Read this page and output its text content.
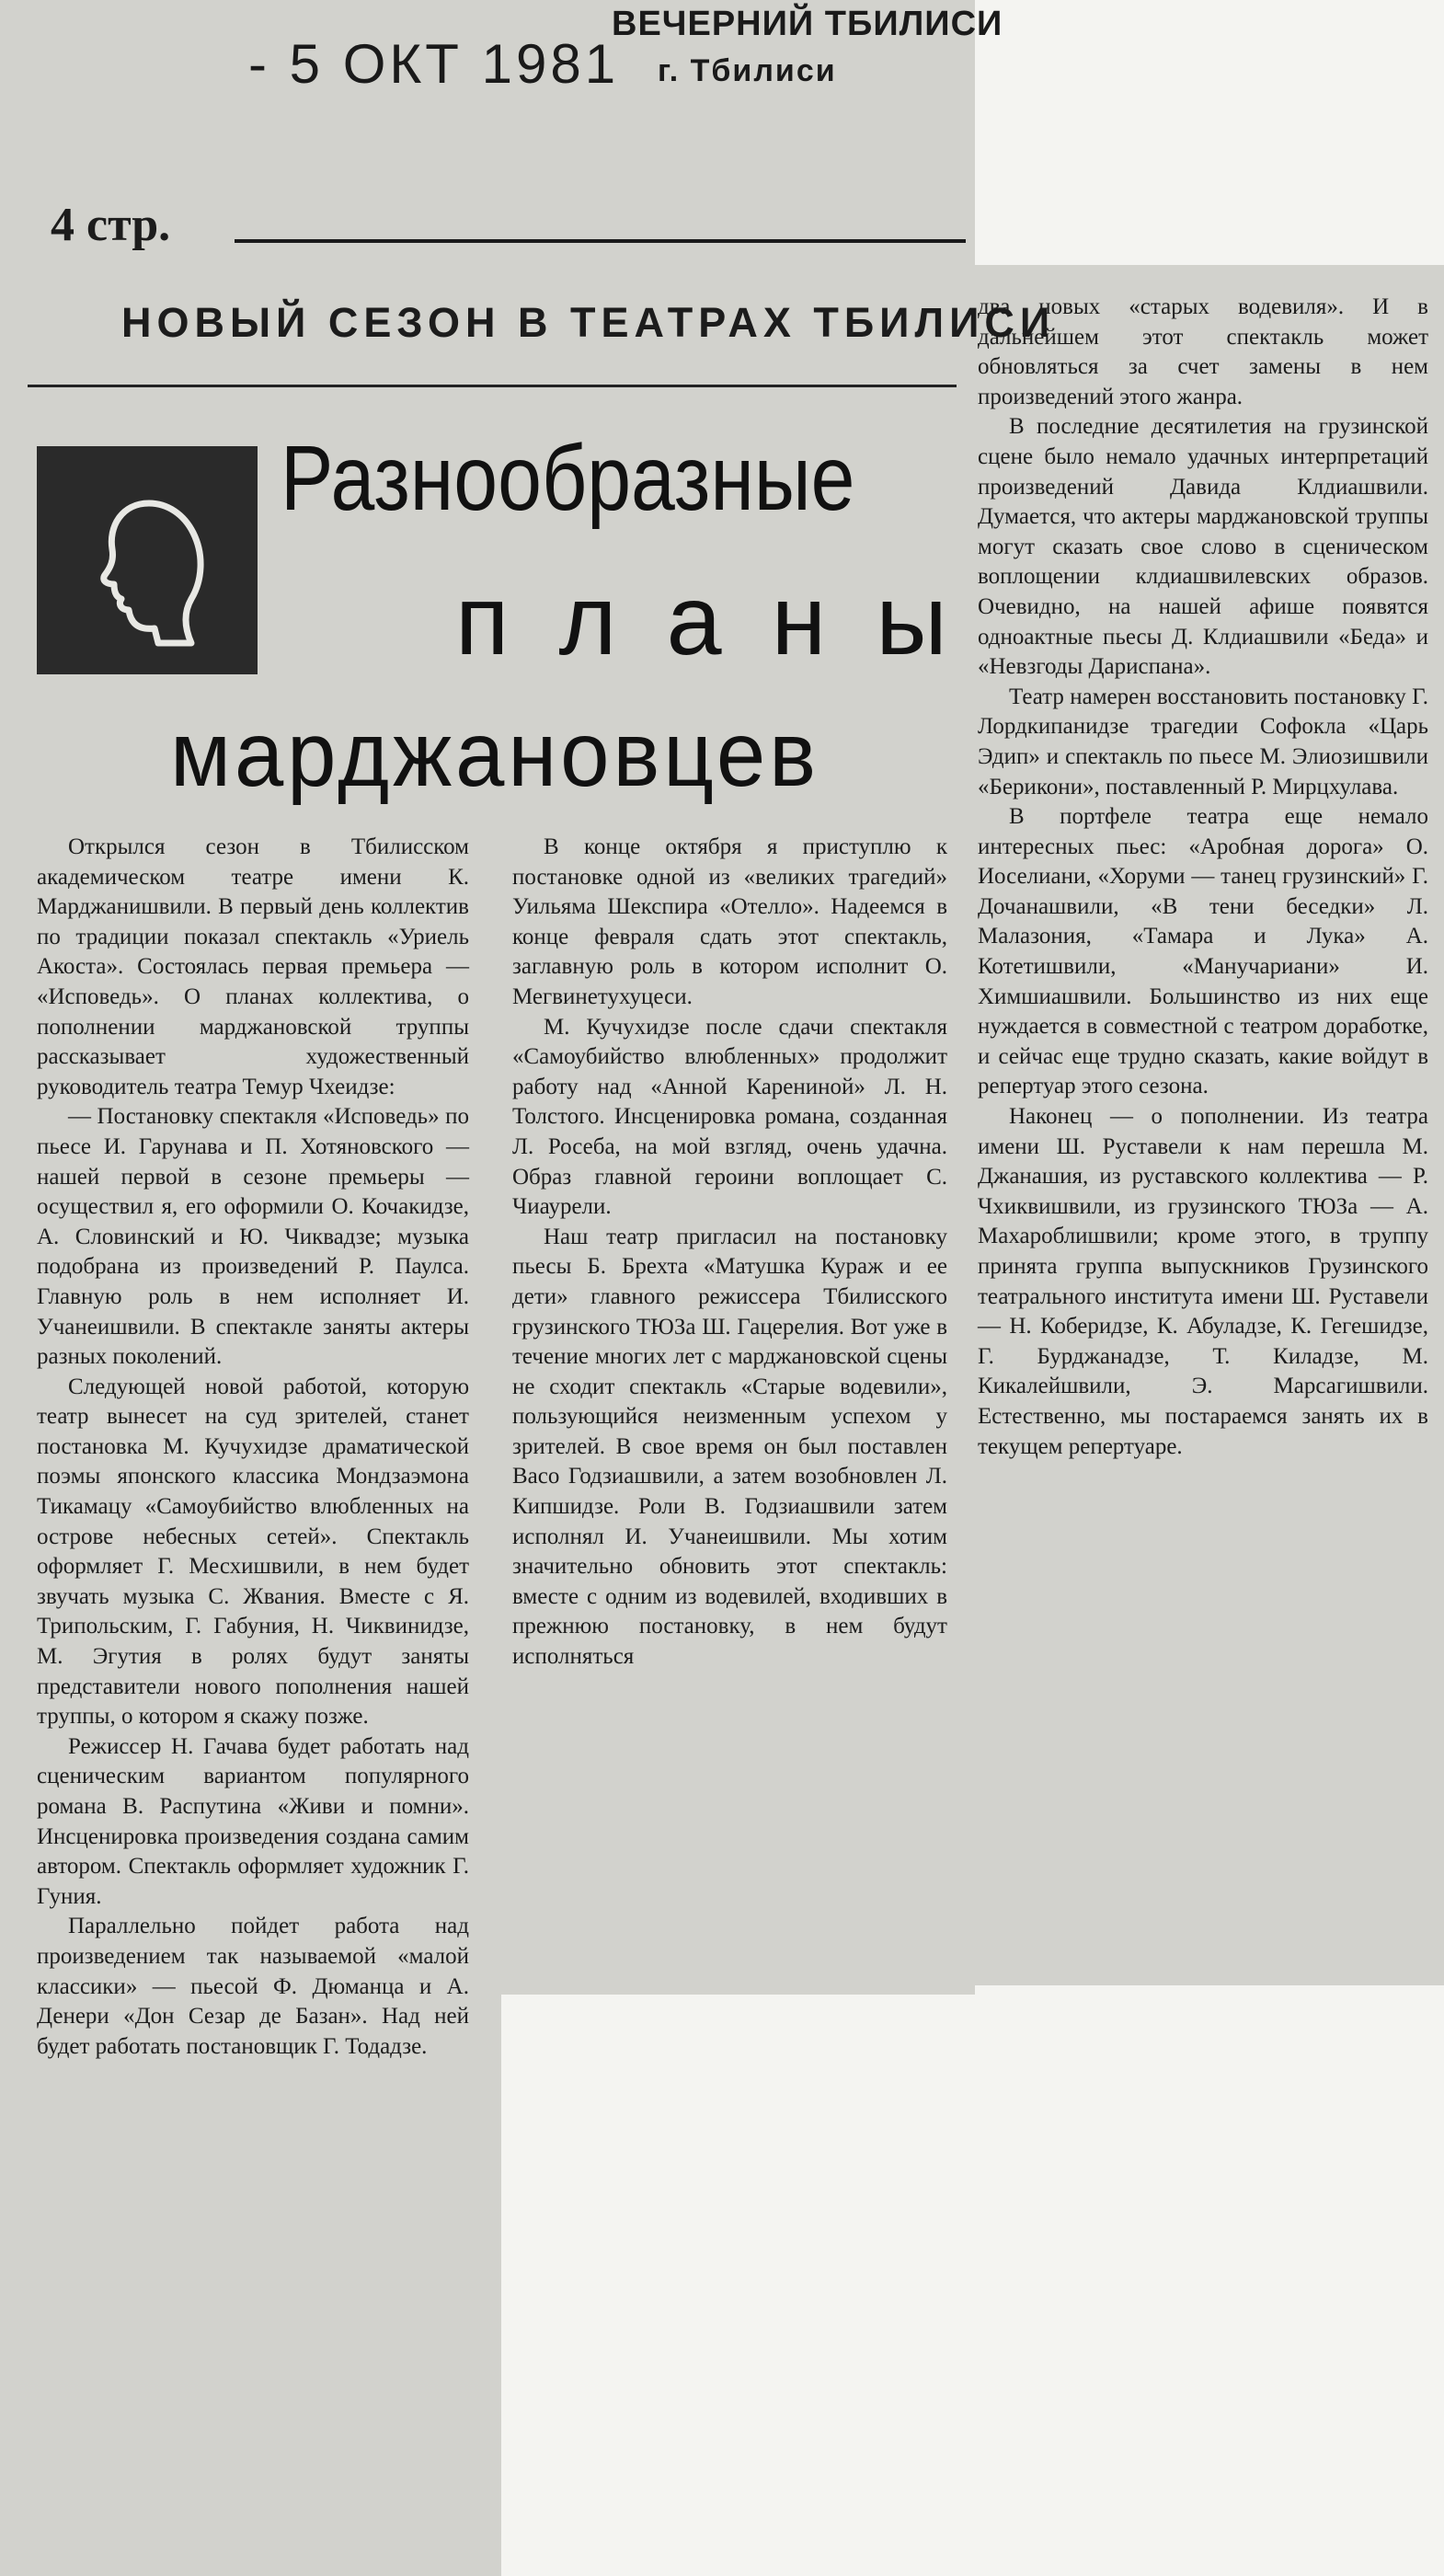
- 5 ОКТ 1981
ВЕЧЕРНИЙ ТБИЛИСИ
г. Тбилиси
4 стр.
НОВЫЙ СЕЗОН В ТЕАТРАХ ТБИЛИСИ
Разнообразные
планы
марджановцев

Открылся сезон в Тбилисском академическом театре имени К. Марджанишвили. В первый день коллектив по традиции показал спектакль «Уриель Акоста». Состоялась первая премьера — «Исповедь». О планах коллектива, о пополнении марджановской труппы рассказывает художественный руководитель театра Темур Чхеидзе:

— Постановку спектакля «Исповедь» по пьесе И. Гарунава и П. Хотяновского — нашей первой в сезоне премьеры — осуществил я, его оформили О. Кочакидзе, А. Словинский и Ю. Чиквадзе; музыка подобрана из произведений Р. Паулса. Главную роль в нем исполняет И. Учанеишвили. В спектакле заняты актеры разных поколений.

Следующей новой работой, которую театр вынесет на суд зрителей, станет постановка М. Кучухидзе драматической поэмы японского классика Мондзаэмона Тикамацу «Самоубийство влюбленных на острове небесных сетей». Спектакль оформляет Г. Месхишвили, в нем будет звучать музыка С. Жвания. Вместе с Я. Трипольским, Г. Габуния, Н. Чиквинидзе, М. Эгутия в ролях будут заняты представители нового пополнения нашей труппы, о котором я скажу позже.

Режиссер Н. Гачава будет работать над сценическим вариантом популярного романа В. Распутина «Живи и помни». Инсценировка произведения создана самим автором. Спектакль оформляет художник Г. Гуния.

Параллельно пойдет работа над произведением так называемой «малой классики» — пьесой Ф. Дюманца и А. Денери «Дон Сезар де Базан». Над ней будет работать постановщик Г. Тодадзе.

В конце октября я приступлю к постановке одной из «великих трагедий» Уильяма Шекспира «Отелло». Надеемся в конце февраля сдать этот спектакль, заглавную роль в котором исполнит О. Мегвинетухуцеси.

М. Кучухидзе после сдачи спектакля «Самоубийство влюбленных» продолжит работу над «Анной Карениной» Л. Н. Толстого. Инсценировка романа, созданная Л. Росеба, на мой взгляд, очень удачна. Образ главной героини воплощает С. Чиаурели.

Наш театр пригласил на постановку пьесы Б. Брехта «Матушка Кураж и ее дети» главного режиссера Тбилисского грузинского ТЮЗа Ш. Гацерелия. Вот уже в течение многих лет с марджановской сцены не сходит спектакль «Старые водевили», пользующийся неизменным успехом у зрителей. В свое время он был поставлен Васо Годзиашвили, а затем возобновлен Л. Кипшидзе. Роли В. Годзиашвили затем исполнял И. Учанеишвили. Мы хотим значительно обновить этот спектакль: вместе с одним из водевилей, входивших в прежнюю постановку, в нем будут исполняться

два новых «старых водевиля». И в дальнейшем этот спектакль может обновляться за счет замены в нем произведений этого жанра.

В последние десятилетия на грузинской сцене было немало удачных интерпретаций произведений Давида Клдиашвили. Думается, что актеры марджановской труппы могут сказать свое слово в сценическом воплощении клдиашвилевских образов. Очевидно, на нашей афише появятся одноактные пьесы Д. Клдиашвили «Беда» и «Невзгоды Дариспана».

Театр намерен восстановить постановку Г. Лордкипанидзе трагедии Софокла «Царь Эдип» и спектакль по пьесе М. Элиозишвили «Берикони», поставленный Р. Мирцхулава.

В портфеле театра еще немало интересных пьес: «Аробная дорога» О. Иоселиани, «Хоруми — танец грузинский» Г. Дочанашвили, «В тени беседки» Л. Малазония, «Тамара и Лука» А. Котетишвили, «Манучариани» И. Химшиашвили. Большинство из них еще нуждается в совместной с театром доработке, и сейчас еще трудно сказать, какие войдут в репертуар этого сезона.

Наконец — о пополнении. Из театра имени Ш. Руставели к нам перешла М. Джанашия, из руставского коллектива — Р. Чхиквишвили, из грузинского ТЮЗа — А. Махароблишвили; кроме этого, в труппу принята группа выпускников Грузинского театрального института имени Ш. Руставели — Н. Коберидзе, К. Абуладзе, К. Гегешидзе, Г. Бурджанадзе, Т. Киладзе, М. Кикалейшвили, Э. Марсагишвили. Естественно, мы постараемся занять их в текущем репертуаре.
